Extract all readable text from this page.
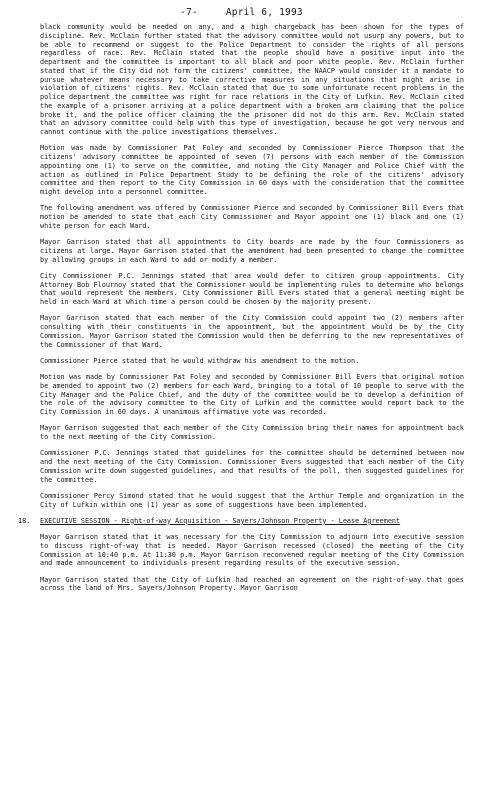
-7-	April 6, 1993

black community would be needed on any, and a high chargeback has been shown for the types of discipline. Rev. McClain further stated that the advisory committee would not usurp any powers, but to be able to recommend or suggest to the Police Department to consider the rights of all persons regardless of race. Rev. McClain stated that the people should have a positive input into the department and the committee is important to all black and poor white people. Rev. McClain further stated that if the City did not form the citizens' committee, the NAACP would consider it a mandate to pursue whatever means necessary to take corrective measures in any situations that might arise in violation of citizens' rights. Rev. McClain stated that due to some unfortunate recent problems in the police department the committee was right for race relations in the City of Lufkin. Rev. McClain cited the example of a prisoner arriving at a police department with a broken arm claiming that the police broke it, and the police officer claiming the the prisoner did not do this arm. Rev. McClain stated that an advisory committee could help with this type of investigation, because he got very nervous and cannot continue with the police investigations themselves.

Motion was made by Commissioner Pat Foley and seconded by Commissioner Pierce Thompson that the citizens' advisory committee be appointed of seven (7) persons with each member of the Commission appointing one (1) to serve on the committee, and noting the City Manager and Police Chief with the action as outlined in Police Department Study to be defining the role of the citizens' advisory committee and then report to the City Commission in 60 days with the consideration that the committee might develop into a personnel committee.

The following amendment was offered by Commissioner Pierce and seconded by Commissioner Bill Evers that motion be amended to state that each City Commissioner and Mayor appoint one (1) black and one (1) white person for each Ward.

Mayor Garrison stated that all appointments to City boards are made by the four Commissioners as citizens at large. Mayor Garrison stated that the amendment had been presented to change the committee by allowing groups in each Ward to add or modify a member.

City Commissioner P.C. Jennings stated that area would defer to citizen group appointments. City Attorney Bob Flournoy stated that the Commissioner would be implementing rules to determine who belongs that would represent the members. City Commissioner Bill Evers stated that a general meeting might be held in each Ward at which time a person could be chosen by the majority present.

Mayor Garrison stated that each member of the City Commission could appoint two (2) members after consulting with their constituents in the appointment, but the appointment would be by the City Commission. Mayor Garrison stated the Commission would then be deferring to the new representatives of the Commissioner of that Ward.

Commissioner Pierce stated that he would withdraw his amendment to the motion.

Motion was made by Commissioner Pat Foley and seconded by Commissioner Bill Evers that original motion be amended to appoint two (2) members for each Ward, bringing to a total of 10 people to serve with the City Manager and the Police Chief, and the duty of the committee would be to develop a definition of the role of the advisory committee to the City of Lufkin and the committee would report back to the City Commission in 60 days. A unanimous affirmative vote was recorded.

Mayor Garrison suggested that each member of the City Commission bring their names for appointment back to the next meeting of the City Commission.

Commissioner P.C. Jennings stated that guidelines for the committee should be determined between now and the next meeting of the City Commission. Commissioner Evers suggested that each member of the City Commission write down suggested guidelines, and that results of the poll, then suggested guidelines for the committee.

Commissioner Percy Simond stated that he would suggest that the Arthur Temple and organization in the City of Lufkin within one (1) year as some of suggestions have been implemented.

18. EXECUTIVE SESSION - Right-of-way Acquisition - Sayers/Johnson Property - Lease Agreement

Mayor Garrison stated that it was necessary for the City Commission to adjourn into executive session to discuss right-of-way that is needed. Mayor Garrison recessed (closed) the meeting of the City Commission at 10:40 p.m. At 11:30 p.m. Mayor Garrison reconvened regular meeting of the City Commission and made announcement to individuals present regarding results of the executive session.

Mayor Garrison stated that the City of Lufkin had reached an agreement on the right-of-way that goes across the land of Mrs. Sayers/Johnson Property. Mayor Garrison
